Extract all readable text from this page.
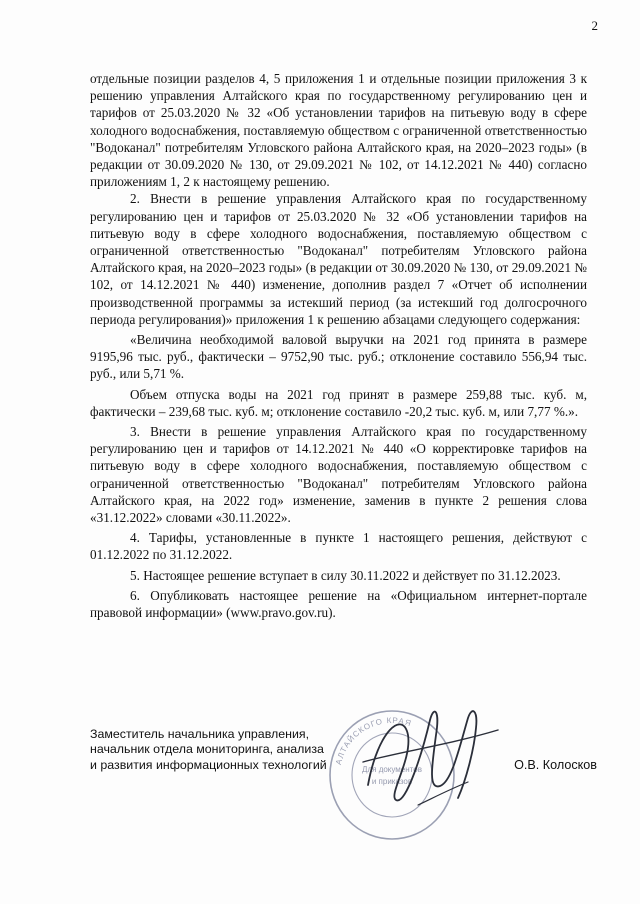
2

отдельные позиции разделов 4, 5 приложения 1 и отдельные позиции приложения 3 к решению управления Алтайского края по государственному регулированию цен и тарифов от 25.03.2020 № 32 «Об установлении тарифов на питьевую воду в сфере холодного водоснабжения, поставляемую обществом с ограниченной ответственностью "Водоканал" потребителям Угловского района Алтайского края, на 2020–2023 годы» (в редакции от 30.09.2020 № 130, от 29.09.2021 № 102, от 14.12.2021 № 440) согласно приложениям 1, 2 к настоящему решению.

2. Внести в решение управления Алтайского края по государственному регулированию цен и тарифов от 25.03.2020 № 32 «Об установлении тарифов на питьевую воду в сфере холодного водоснабжения, поставляемую обществом с ограниченной ответственностью "Водоканал" потребителям Угловского района Алтайского края, на 2020–2023 годы» (в редакции от 30.09.2020 № 130, от 29.09.2021 № 102, от 14.12.2021 № 440) изменение, дополнив раздел 7 «Отчет об исполнении производственной программы за истекший период (за истекший год долгосрочного периода регулирования)» приложения 1 к решению абзацами следующего содержания:

«Величина необходимой валовой выручки на 2021 год принята в размере 9195,96 тыс. руб., фактически – 9752,90 тыс. руб.; отклонение составило 556,94 тыс. руб., или 5,71 %.

Объем отпуска воды на 2021 год принят в размере 259,88 тыс. куб. м, фактически – 239,68 тыс. куб. м; отклонение составило -20,2 тыс. куб. м, или 7,77 %.».

3. Внести в решение управления Алтайского края по государственному регулированию цен и тарифов от 14.12.2021 № 440 «О корректировке тарифов на питьевую воду в сфере холодного водоснабжения, поставляемую обществом с ограниченной ответственностью "Водоканал" потребителям Угловского района Алтайского края, на 2022 год» изменение, заменив в пункте 2 решения слова «31.12.2022» словами «30.11.2022».

4. Тарифы, установленные в пункте 1 настоящего решения, действуют с 01.12.2022 по 31.12.2022.

5. Настоящее решение вступает в силу 30.11.2022 и действует по 31.12.2023.

6. Опубликовать настоящее решение на «Официальном интернет-портале правовой информации» (www.pravo.gov.ru).

АЛТАЙСКОГО КРАЯ
Для документов
и приказов
Заместитель начальника управления,
начальник отдела мониторинга, анализа
и развития информационных технологий	О.В. Колосков
